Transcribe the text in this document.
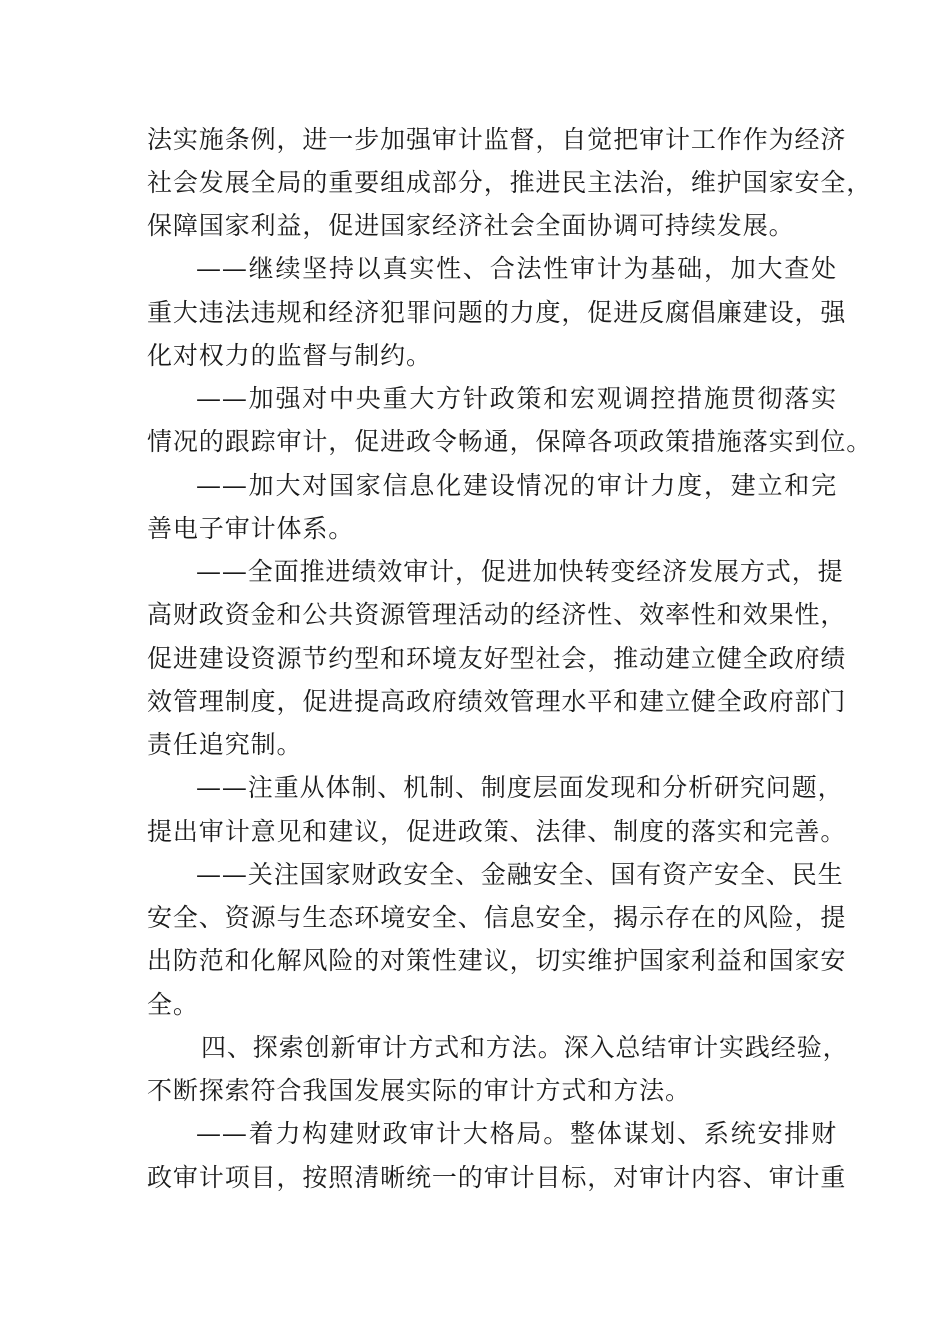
法实施条例，进一步加强审计监督，自觉把审计工作作为经济
社会发展全局的重要组成部分，推进民主法治，维护国家安全，
保障国家利益，促进国家经济社会全面协调可持续发展。
——继续坚持以真实性、合法性审计为基础，加大查处
重大违法违规和经济犯罪问题的力度，促进反腐倡廉建设，强
化对权力的监督与制约。
——加强对中央重大方针政策和宏观调控措施贯彻落实
情况的跟踪审计，促进政令畅通，保障各项政策措施落实到位。
——加大对国家信息化建设情况的审计力度，建立和完
善电子审计体系。
——全面推进绩效审计，促进加快转变经济发展方式，提
高财政资金和公共资源管理活动的经济性、效率性和效果性，
促进建设资源节约型和环境友好型社会，推动建立健全政府绩
效管理制度，促进提高政府绩效管理水平和建立健全政府部门
责任追究制。
——注重从体制、机制、制度层面发现和分析研究问题，
提出审计意见和建议，促进政策、法律、制度的落实和完善。
——关注国家财政安全、金融安全、国有资产安全、民生
安全、资源与生态环境安全、信息安全，揭示存在的风险，提
出防范和化解风险的对策性建议，切实维护国家利益和国家安
全。
四、探索创新审计方式和方法。深入总结审计实践经验，
不断探索符合我国发展实际的审计方式和方法。
——着力构建财政审计大格局。整体谋划、系统安排财
政审计项目，按照清晰统一的审计目标，对审计内容、审计重
